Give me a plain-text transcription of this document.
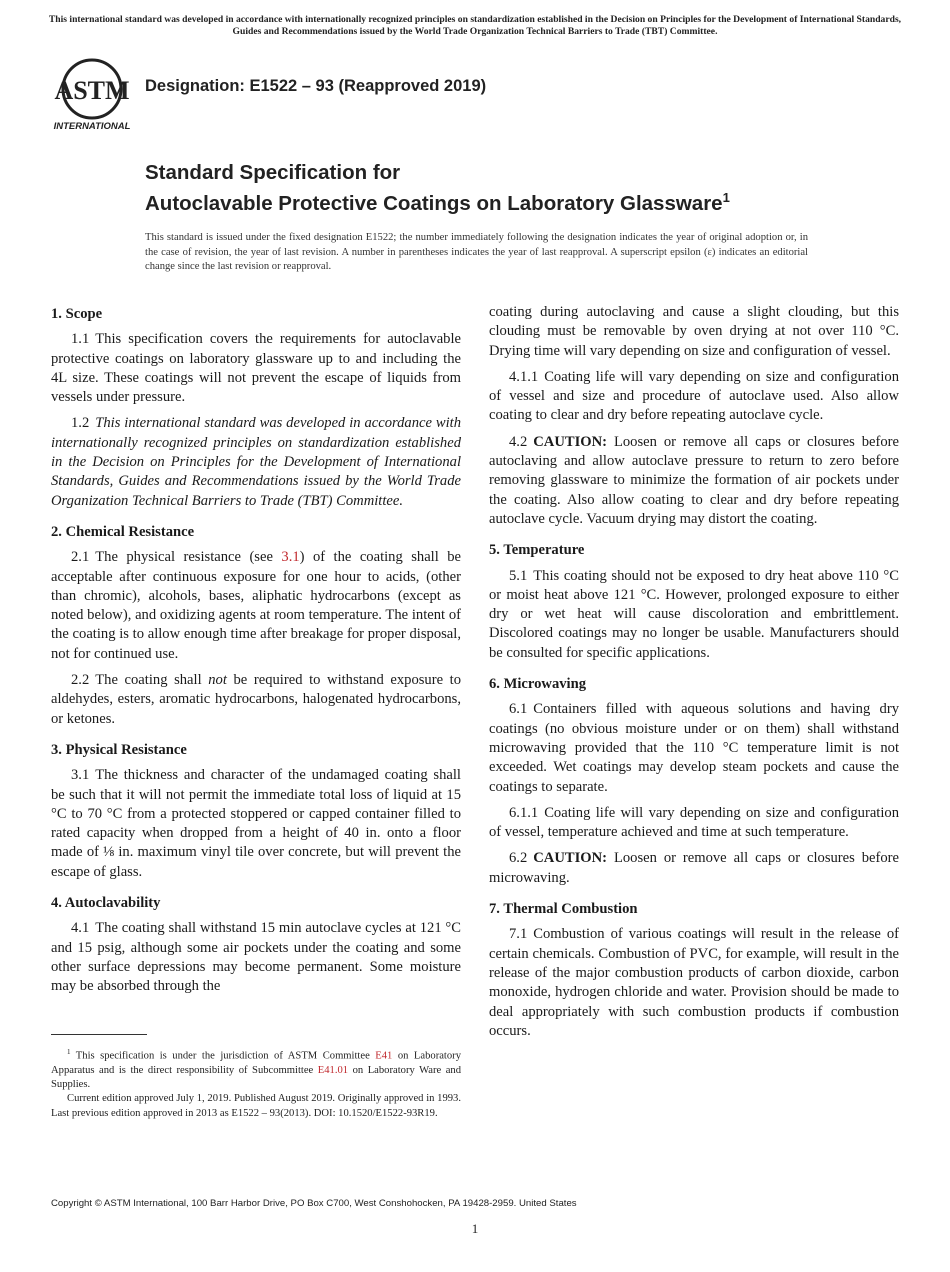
This international standard was developed in accordance with internationally recognized principles on standardization established in the Decision on Principles for the Development of International Standards, Guides and Recommendations issued by the World Trade Organization Technical Barriers to Trade (TBT) Committee.
ASTM
INTERNATIONAL
Designation: E1522 – 93 (Reapproved 2019)
Standard Specification for
Autoclavable Protective Coatings on Laboratory Glassware$^1$
This standard is issued under the fixed designation E1522; the number immediately following the designation indicates the year of original adoption or, in the case of revision, the year of last revision. A number in parentheses indicates the year of last reapproval. A superscript epsilon (ε) indicates an editorial change since the last revision or reapproval.
1. Scope

1.1 This specification covers the requirements for autoclavable protective coatings on laboratory glassware up to and including the 4L size. These coatings will not prevent the escape of liquids from vessels under pressure.

1.2 This international standard was developed in accordance with internationally recognized principles on standardization established in the Decision on Principles for the Development of International Standards, Guides and Recommendations issued by the World Trade Organization Technical Barriers to Trade (TBT) Committee.

2. Chemical Resistance

2.1 The physical resistance (see 3.1) of the coating shall be acceptable after continuous exposure for one hour to acids, (other than chromic), alcohols, bases, aliphatic hydrocarbons (except as noted below), and oxidizing agents at room temperature. The intent of the coating is to allow enough time after breakage for proper disposal, not for continued use.

2.2 The coating shall not be required to withstand exposure to aldehydes, esters, aromatic hydrocarbons, halogenated hydrocarbons, or ketones.

3. Physical Resistance

3.1 The thickness and character of the undamaged coating shall be such that it will not permit the immediate total loss of liquid at 15 °C to 70 °C from a protected stoppered or capped container filled to rated capacity when dropped from a height of 40 in. onto a floor made of ⅛ in. maximum vinyl tile over concrete, but will prevent the escape of glass.

4. Autoclavability

4.1 The coating shall withstand 15 min autoclave cycles at 121 °C and 15 psig, although some air pockets under the coating and some other surface depressions may become permanent. Some moisture may be absorbed through the

coating during autoclaving and cause a slight clouding, but this clouding must be removable by oven drying at not over 110 °C. Drying time will vary depending on size and configuration of vessel.

4.1.1 Coating life will vary depending on size and configuration of vessel and size and procedure of autoclave used. Also allow coating to clear and dry before repeating autoclave cycle.

4.2 CAUTION: Loosen or remove all caps or closures before autoclaving and allow autoclave pressure to return to zero before removing glassware to minimize the formation of air pockets under the coating. Also allow coating to clear and dry before repeating autoclave cycle. Vacuum drying may distort the coating.

5. Temperature

5.1 This coating should not be exposed to dry heat above 110 °C or moist heat above 121 °C. However, prolonged exposure to either dry or wet heat will cause discoloration and embrittlement. Discolored coatings may no longer be usable. Manufacturers should be consulted for specific applications.

6. Microwaving

6.1 Containers filled with aqueous solutions and having dry coatings (no obvious moisture under or on them) shall withstand microwaving provided that the 110 °C temperature limit is not exceeded. Wet coatings may develop steam pockets and cause the coatings to separate.

6.1.1 Coating life will vary depending on size and configuration of vessel, temperature achieved and time at such temperature.

6.2 CAUTION: Loosen or remove all caps or closures before microwaving.

7. Thermal Combustion

7.1 Combustion of various coatings will result in the release of certain chemicals. Combustion of PVC, for example, will result in the release of the major combustion products of carbon dioxide, carbon monoxide, hydrogen chloride and water. Provision should be made to deal appropriately with such combustion products if combustion occurs.

$^1$ This specification is under the jurisdiction of ASTM Committee E41 on Laboratory Apparatus and is the direct responsibility of Subcommittee E41.01 on Laboratory Ware and Supplies.

Current edition approved July 1, 2019. Published August 2019. Originally approved in 1993. Last previous edition approved in 2013 as E1522 – 93(2013). DOI: 10.1520/E1522-93R19.

Copyright © ASTM International, 100 Barr Harbor Drive, PO Box C700, West Conshohocken, PA 19428-2959. United States
1
